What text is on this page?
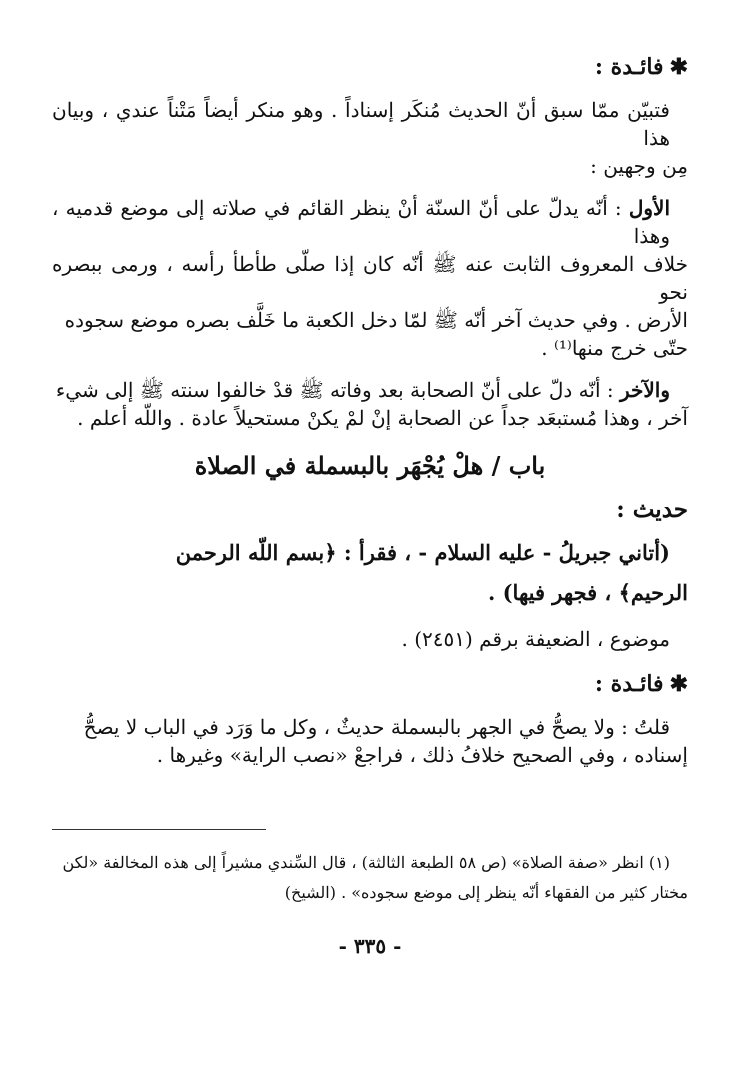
✱فائـدة :

فتبيّن ممّا سبق أنّ الحديث مُنكَر إسناداً . وهو منكر أيضاً مَتْناً عندي ، وبيان هذا

مِن وجهين :

الأول : أنّه يدلّ على أنّ السنّة أنْ ينظر القائم في صلاته إلى موضع قدميه ، وهذا

خلاف المعروف الثابت عنه ﷺ أنّه كان إذا صلّى طأطأ رأسه ، ورمى ببصره نحو

الأرض . وفي حديث آخر أنّه ﷺ لمّا دخل الكعبة ما خَلَّف بصره موضع سجوده

حتّى خرج منها⁽¹⁾ .

والآخر : أنّه دلّ على أنّ الصحابة بعد وفاته ﷺ قدْ خالفوا سنته ﷺ إلى شيء

آخر ، وهذا مُستبعَد جداً عن الصحابة إنْ لمْ يكنْ مستحيلاً عادة . واللّه أعلم .

باب / هلْ يُجْهَر بالبسملة في الصلاة
حديث :

(أتاني جبريلُ - عليه السلام - ، فقرأ : ﴿بسم اللّه الرحمن

الرحيم﴾ ، فجهر فيها) .

موضوع ، الضعيفة برقم (٢٤٥١) .
✱فائـدة :

قلتُ : ولا يصحُّ في الجهر بالبسملة حديثٌ ، وكل ما وَرَد في الباب لا يصحُّ

إسناده ، وفي الصحيح خلافُ ذلك ، فراجعْ «نصب الراية» وغيرها .

(١) انظر «صفة الصلاة» (ص ٥٨ الطبعة الثالثة) ، قال السِّندي مشيراً إلى هذه المخالفة «لكن

مختار كثير من الفقهاء أنّه ينظر إلى موضع سجوده» . (الشيخ)

- ٣٣٥ -
